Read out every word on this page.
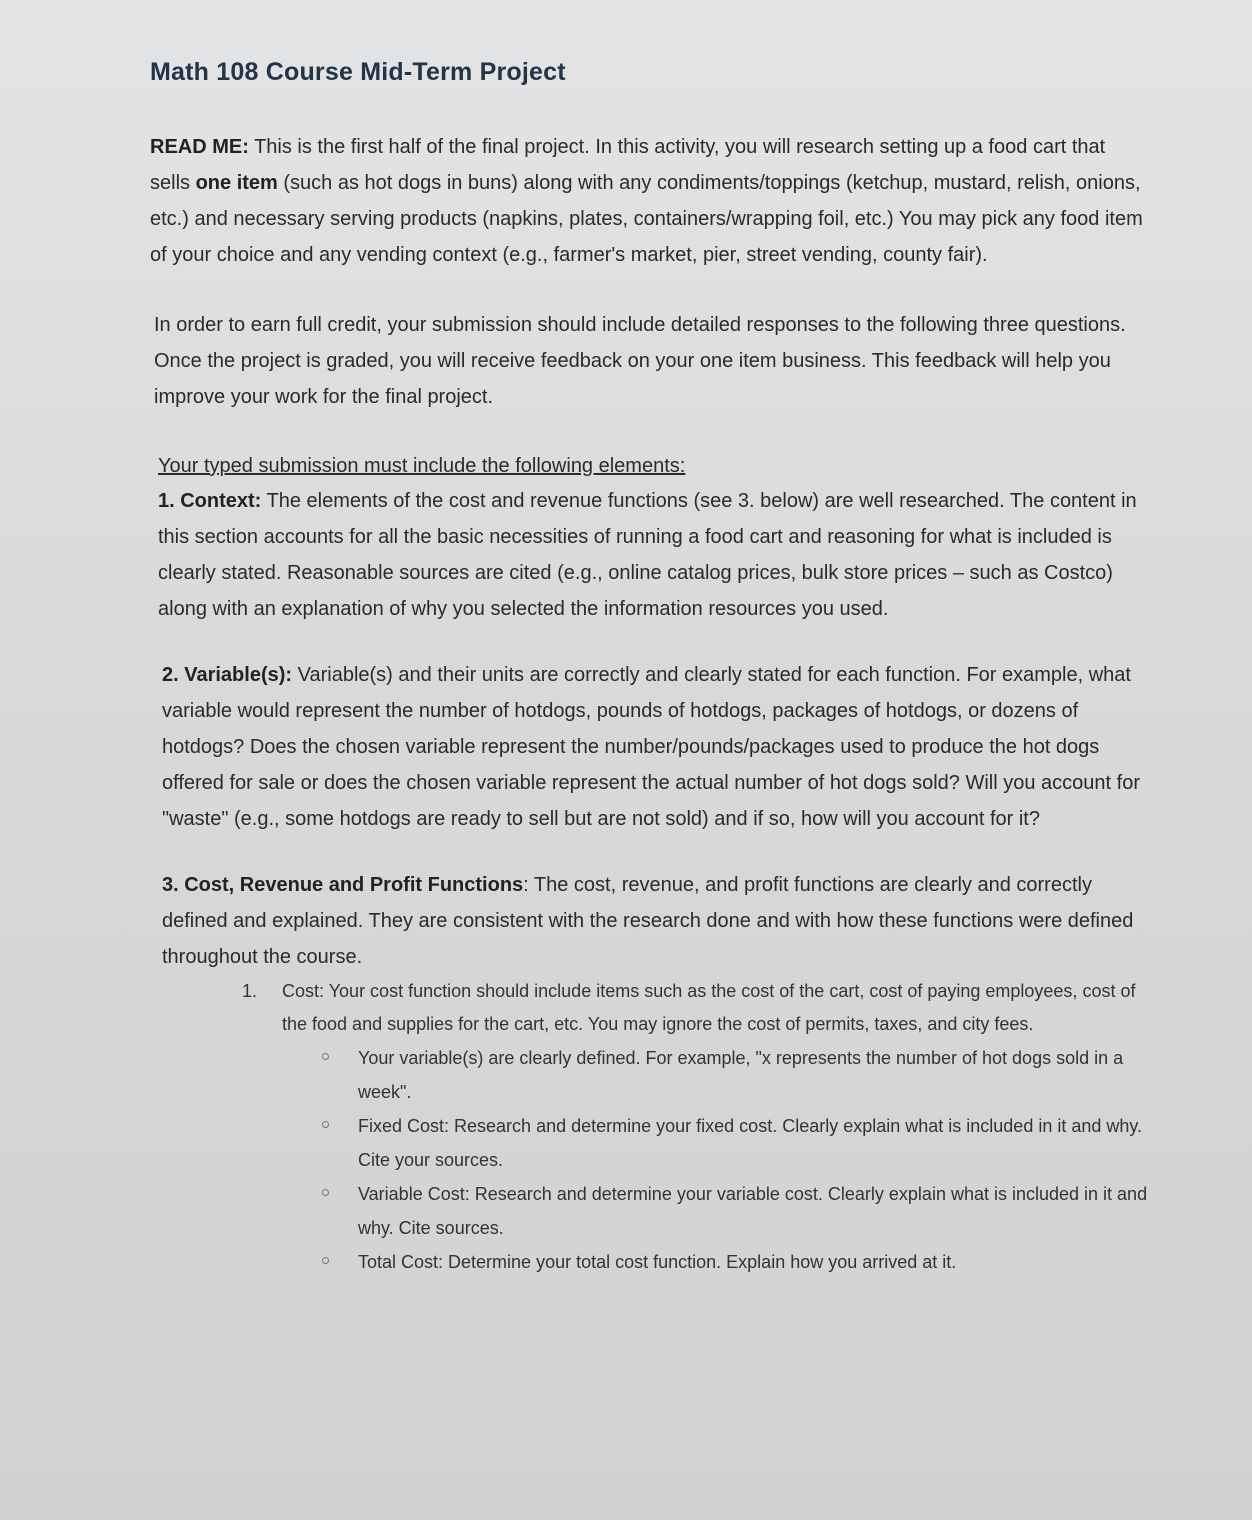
Math 108 Course Mid-Term Project

READ ME: This is the first half of the final project. In this activity, you will research setting up a food cart that sells one item (such as hot dogs in buns) along with any condiments/toppings (ketchup, mustard, relish, onions, etc.) and necessary serving products (napkins, plates, containers/wrapping foil, etc.) You may pick any food item of your choice and any vending context (e.g., farmer's market, pier, street vending, county fair).

In order to earn full credit, your submission should include detailed responses to the following three questions. Once the project is graded, you will receive feedback on your one item business. This feedback will help you improve your work for the final project.

Your typed submission must include the following elements:

1. Context: The elements of the cost and revenue functions (see 3. below) are well researched. The content in this section accounts for all the basic necessities of running a food cart and reasoning for what is included is clearly stated. Reasonable sources are cited (e.g., online catalog prices, bulk store prices – such as Costco) along with an explanation of why you selected the information resources you used.

2. Variable(s): Variable(s) and their units are correctly and clearly stated for each function. For example, what variable would represent the number of hotdogs, pounds of hotdogs, packages of hotdogs, or dozens of hotdogs? Does the chosen variable represent the number/pounds/packages used to produce the hot dogs offered for sale or does the chosen variable represent the actual number of hot dogs sold? Will you account for "waste" (e.g., some hotdogs are ready to sell but are not sold) and if so, how will you account for it?

3. Cost, Revenue and Profit Functions: The cost, revenue, and profit functions are clearly and correctly defined and explained. They are consistent with the research done and with how these functions were defined throughout the course.

1. Cost: Your cost function should include items such as the cost of the cart, cost of paying employees, cost of the food and supplies for the cart, etc. You may ignore the cost of permits, taxes, and city fees.
Your variable(s) are clearly defined. For example, "x represents the number of hot dogs sold in a week".
Fixed Cost: Research and determine your fixed cost. Clearly explain what is included in it and why. Cite your sources.
Variable Cost: Research and determine your variable cost. Clearly explain what is included in it and why. Cite sources.
Total Cost: Determine your total cost function. Explain how you arrived at it.
